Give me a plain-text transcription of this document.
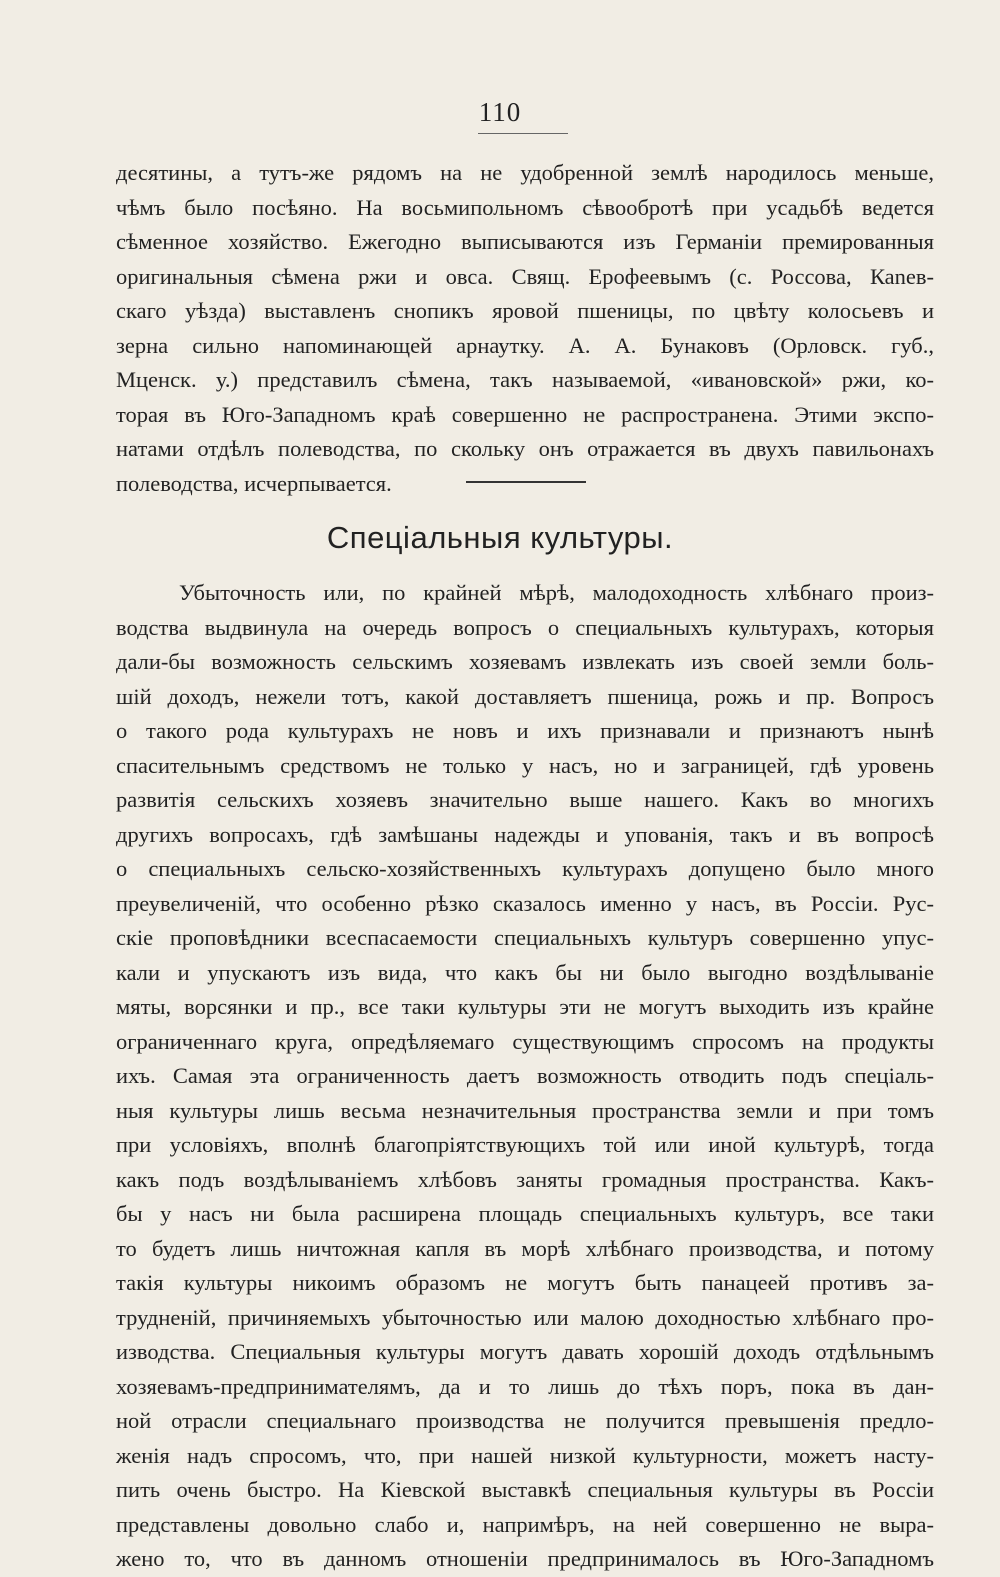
110
десятины, а тутъ-же рядомъ на не удобренной землѣ народилось меньше,
чѣмъ было посѣяно. На восьмипольномъ сѣвообротѣ при усадьбѣ ведется
сѣменное хозяйство. Ежегодно выписываются изъ Германіи премированныя
оригинальныя сѣмена ржи и овса. Свящ. Ерофеевымъ (с. Россова, Каnев-
скаго уѣзда) выставленъ снопикъ яровой пшеницы, по цвѣту колосьевъ и
зерна сильно напоминающей арнаутку. А. А. Бунаковъ (Орловск. губ.,
Мценск. у.) представилъ сѣмена, такъ называемой, «ивановской» ржи, ко-
торая въ Юго-Западномъ краѣ совершенно не распространена. Этими экспо-
натами отдѣлъ полеводства, по скольку онъ отражается въ двухъ павильонахъ
полеводства, исчерпывается.
Спеціальныя культуры.
Убыточность или, по крайней мѣрѣ, малодоходность хлѣбнаго произ-
водства выдвинула на очередь вопросъ о специальныхъ культурахъ, которыя
дали-бы возможность сельскимъ хозяевамъ извлекать изъ своей земли боль-
шій доходъ, нежели тотъ, какой доставляетъ пшеница, рожь и пр. Вопросъ
о такого рода культурахъ не новъ и ихъ признавали и признаютъ нынѣ
спасительнымъ средствомъ не только у насъ, но и заграницей, гдѣ уровень
развитія сельскихъ хозяевъ значительно выше нашего. Какъ во многихъ
другихъ вопросахъ, гдѣ замѣшаны надежды и упованія, такъ и въ вопросѣ
о специальныхъ сельско-хозяйственныхъ культурахъ допущено было много
преувеличеній, что особенно рѣзко сказалось именно у насъ, въ Россіи. Рус-
скіе проповѣдники всеспасаемости специальныхъ культуръ совершенно упус-
кали и упускаютъ изъ вида, что какъ бы ни было выгодно воздѣлываніе
мяты, ворсянки и пр., все таки культуры эти не могутъ выходить изъ крайне
ограниченнаго круга, опредѣляемаго существующимъ спросомъ на продукты
ихъ. Самая эта ограниченность даетъ возможность отводить подъ спеціаль-
ныя культуры лишь весьма незначительныя пространства земли и при томъ
при условіяхъ, вполнѣ благопріятствующихъ той или иной культурѣ, тогда
какъ подъ воздѣлываніемъ хлѣбовъ заняты громадныя пространства. Какъ-
бы у насъ ни была расширена площадь специальныхъ культуръ, все таки
то будетъ лишь ничтожная капля въ морѣ хлѣбнаго производства, и потому
такія культуры никоимъ образомъ не могутъ быть панацеей противъ за-
трудненій, причиняемыхъ убыточностью или малою доходностью хлѣбнаго про-
изводства. Специальныя культуры могутъ давать хорошій доходъ отдѣльнымъ
хозяевамъ-предпринимателямъ, да и то лишь до тѣхъ поръ, пока въ дан-
ной отрасли специальнаго производства не получится превышенія предло-
женія надъ спросомъ, что, при нашей низкой культурности, можетъ насту-
пить очень быстро. На Кіевской выставкѣ специальныя культуры въ Россіи
представлены довольно слабо и, напримѣръ, на ней совершенно не выра-
жено то, что въ данномъ отношеніи предпринималось въ Юго-Западномъ
